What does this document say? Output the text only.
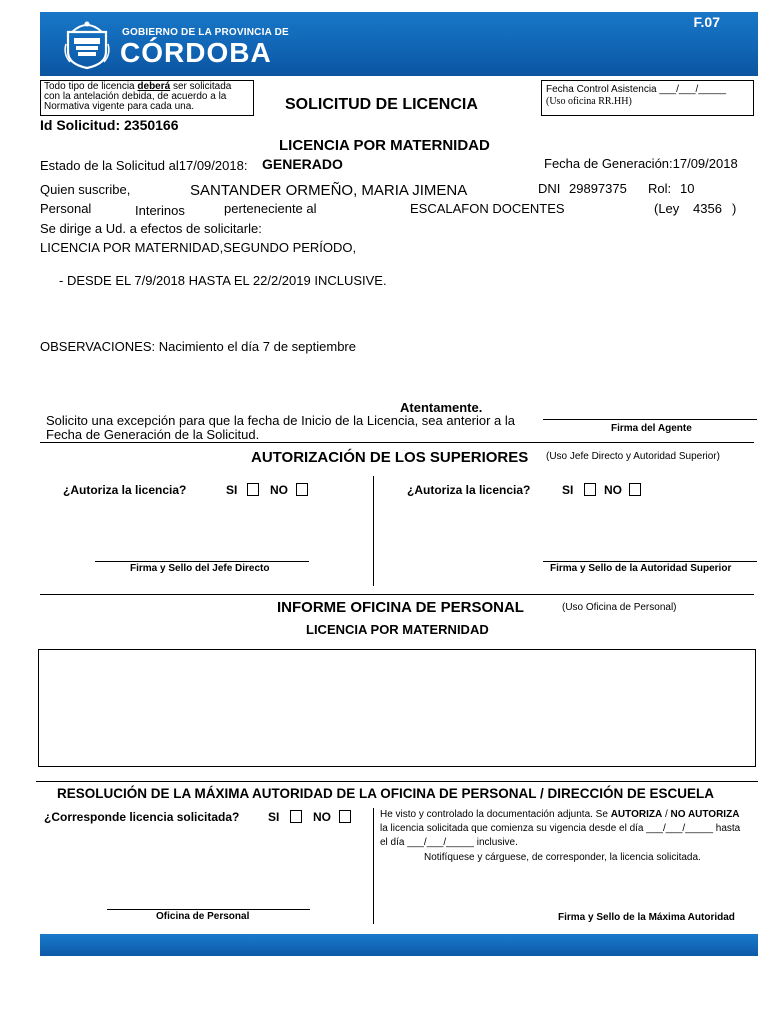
GOBIERNO DE LA PROVINCIA DE
CÓRDOBA
F.07
Todo tipo de licencia deberá ser solicitada
con la antelación debida, de acuerdo a la
Normativa vigente para cada una.	SOLICITUD DE LICENCIA
Fecha Control Asistencia ___/___/_____
(Uso oficina RR.HH)
Id Solicitud: 2350166
LICENCIA POR MATERNIDAD
Estado de la Solicitud al17/09/2018: GENERADO	Fecha de Generación:17/09/2018
Quien suscribe,	SANTANDER ORMEÑO, MARIA JIMENA	DNI 29897375 Rol: 10
Personal	Interinos	perteneciente al	ESCALAFON DOCENTES	(Ley 4356 )
Se dirige a Ud. a efectos de solicitarle:
LICENCIA POR MATERNIDAD,SEGUNDO PERÍODO,
- DESDE EL 7/9/2018 HASTA EL 22/2/2019 INCLUSIVE.
OBSERVACIONES: Nacimiento el día 7 de septiembre
Atentamente.
Solicito una excepción para que la fecha de Inicio de la Licencia, sea anterior a la
Fecha de Generación de la Solicitud.	Firma del Agente
AUTORIZACIÓN DE LOS SUPERIORES (Uso Jefe Directo y Autoridad Superior)
¿Autoriza la licencia?	SI	NO	¿Autoriza la licencia?	SI	NO
Firma y Sello del Jefe Directo	Firma y Sello de la Autoridad Superior
INFORME OFICINA DE PERSONAL	(Uso Oficina de Personal)
LICENCIA POR MATERNIDAD
RESOLUCIÓN DE LA MÁXIMA AUTORIDAD DE LA OFICINA DE PERSONAL / DIRECCIÓN DE ESCUELA
¿Corresponde licencia solicitada? SI	NO	He visto y controlado la documentación adjunta. Se AUTORIZA / NO AUTORIZA
la licencia solicitada que comienza su vigencia desde el día ___/___/_____ hasta
el día ___/___/_____ inclusive.
Notifíquese y cárguese, de corresponder, la licencia solicitada.
Oficina de Personal	Firma y Sello de la Máxima Autoridad
